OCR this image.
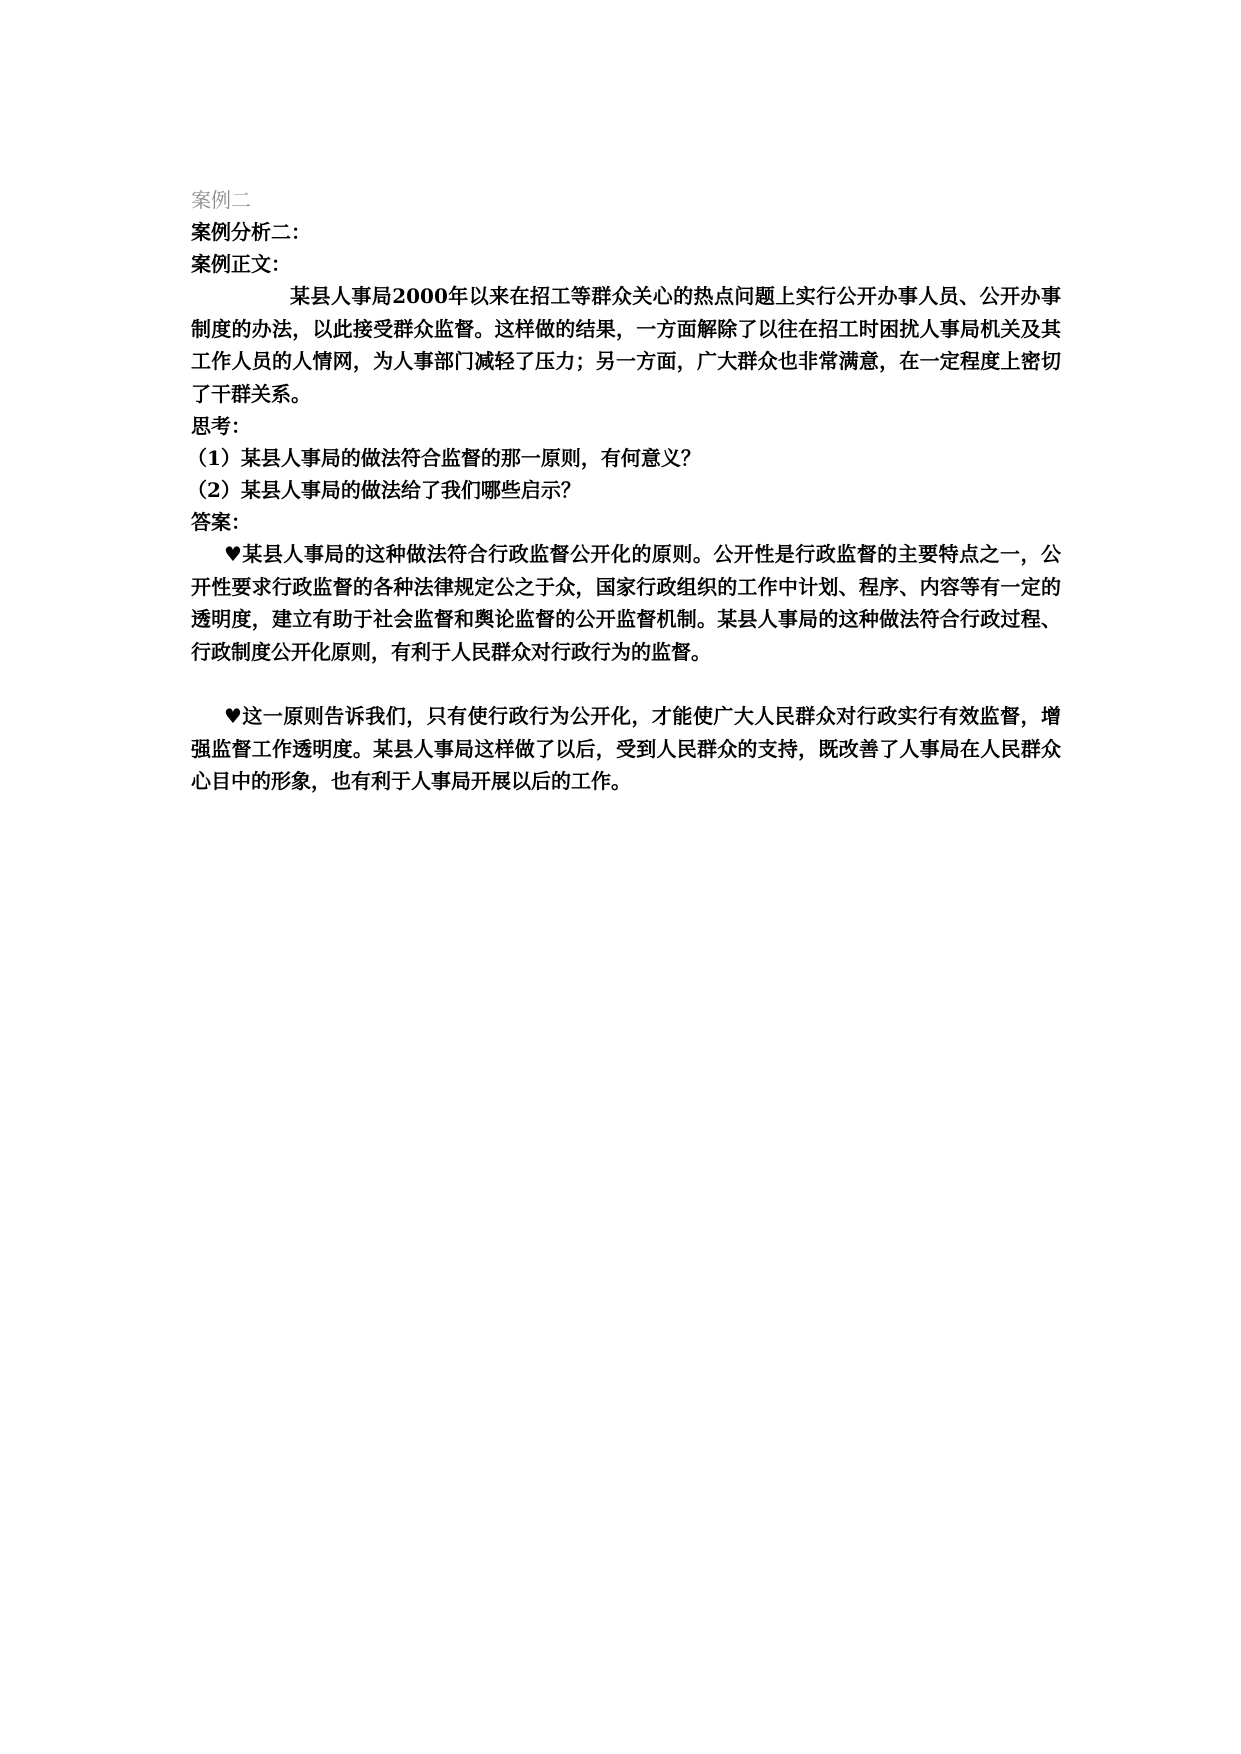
案例二
案例分析二：
案例正文：
某县人事局2000年以来在招工等群众关心的热点问题上实行公开办事人员、公开办事制度的办法，以此接受群众监督。这样做的结果，一方面解除了以往在招工时困扰人事局机关及其工作人员的人情网，为人事部门减轻了压力；另一方面，广大群众也非常满意，在一定程度上密切了干群关系。
思考：
（1）某县人事局的做法符合监督的那一原则，有何意义？
（2）某县人事局的做法给了我们哪些启示？
答案：
♥某县人事局的这种做法符合行政监督公开化的原则。公开性是行政监督的主要特点之一，公开性要求行政监督的各种法律规定公之于众，国家行政组织的工作中计划、程序、内容等有一定的透明度，建立有助于社会监督和舆论监督的公开监督机制。某县人事局的这种做法符合行政过程、行政制度公开化原则，有利于人民群众对行政行为的监督。
♥这一原则告诉我们，只有使行政行为公开化，才能使广大人民群众对行政实行有效监督，增强监督工作透明度。某县人事局这样做了以后，受到人民群众的支持，既改善了人事局在人民群众心目中的形象，也有利于人事局开展以后的工作。
